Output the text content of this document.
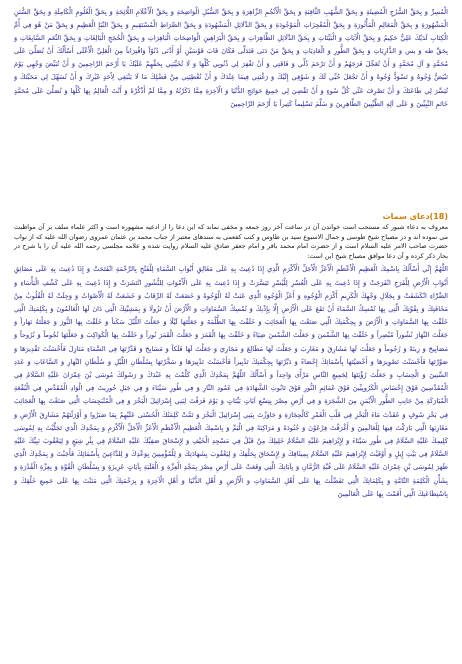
الْمُسِرِّ وَ بِحَقِّ السُّرُجِ الْمُضِيئَةِ وَ بِحَقِّ الشُّهُبِ الثَّاقِبَةِ وَ بِحَقِّ الْأَنْجُمِ الزَّاهِرَةِ وَ بِحَقِّ السُّبُلِ الْوَاضِحَةِ وَ بِحَقِّ الْأَعْلَامِ اللَّائِحَةِ وَ بِحَقِّ الْعُلُومِ الْكَامِلَةِ وَ بِحَقِّ السُّنَنِ الْمَشْهُورَةِ وَ بِحَقِّ الْمَعَالِمِ الْمَأْثُورَةِ وَ بِحَقِّ الْمُعْجِزَاتِ الْمَوْجُودَةِ وَ بِحَقِّ الدَّلَائِلِ الْمَشْهُودَةِ وَ بِحَقِّ الصِّرَاطِ الْمُسْتَقِيمِ وَ بِحَقِّ النَّبَإِ الْعَظِيمِ وَ بِحَقِّ مَنْ هُوَ فِي أُمِّ الْكِتَابِ لَدَيْكَ عَلِيٌّ حَكِيمٌ وَ بِحَقِّ الْآيَاتِ وَ الْبَيِّنَاتِ وَ بِحَقِّ الدَّلَائِلِ الظَّاهِرَاتِ وَ بِحَقِّ الْبَرَاهِينِ الْوَاضِحَاتِ الْبَاهِرَاتِ وَ بِحَقِّ الْحُجَجِ الْبَالِغَاتِ وَ بِحَقِّ النِّعَمِ السَّابِغَاتِ وَ بِحَقِّ طه وَ يس وَ الذَّارِيَاتِ وَ بِحَقِّ الطُّورِ وَ الْعَادِيَاتِ وَ بِحَقِّ مَنْ دَنَى فَتَدَلَّى فَكَانَ قَابَ قَوْسَيْنِ أَوْ أَدْنَى دُنُوّاً وَاقْتِرَاباً مِنَ الْعَلِيِّ الْأَعْلَى أَسْأَلُكَ أَنْ تُصَلِّيَ عَلَى مُحَمَّدٍ وَ آلِ مُحَمَّدٍ وَ أَنْ تُعَجِّلَ فَرَجَهُمْ وَ أَنْ تَرْحَمَ ذُلِّي وَ فَاقَتِي وَ أَنْ تَغْفِرَ لِي ذُنُوبِي كُلَّهَا وَ لَا تُخَيِّبَنِي بِحَقِّهِمْ عَلَيْكَ يَا أَرْحَمَ الرَّاحِمِينَ وَ أَنْ تُبَيِّضَ وَجْهِي يَوْمَ تَبْيَضُّ وُجُوهٌ وَ تَسْوَدُّ وُجُوهٌ وَ أَنْ تَجْعَلَ حُبِّي لَكَ وَ شَوْقِي إِلَيْكَ وَ رَغْبَتِي فِيمَا عِنْدَكَ وَ أَنْ تُعْطِيَنِي مِنْ فَضْلِكَ مَا لَا يَنْبَغِي لِأَحَدٍ غَيْرِكَ وَ أَنْ تُسَهِّلَ لِي مَحَبَّتَكَ وَ تُيَسِّرَ لِي طَاعَتَكَ وَ أَنْ تَصْرِفَ عَنِّي كُلَّ سُوءٍ وَ أَنْ تَقْضِيَ لِي جَمِيعَ حَوَائِجِ الدُّنْيَا وَ الْآخِرَةِ مِمَّا ذَكَرْتُهُ وَ مِمَّا لَمْ أَذْكُرْهُ وَ أَنْتَ الْعَالِمُ بِهَا كُلِّهَا وَ تُصَلِّيَ عَلَى مُحَمَّدٍ خَاتَمِ النَّبِيِّينَ وَ عَلَى آلِهِ الطَّيِّبِينَ الطَّاهِرِينَ وَ سَلَّمَ تَسْلِيماً كَثِيراً يَا أَرْحَمَ الرَّاحِمِينَ

(18)دعای سمات

معروف به دعاء شبور که مستحب است خواندن آن در ساعت آخر روز جمعه و مخفی نماند که این دعا را از ادعیه مشهوره است و اکثر علماء سلف بر آن مواظبت می نموده اند و در مصباح شیخ طوسی و جمال الاسبوع سید بن طاوس و کتب کفعمی به سندهای معتبر از جناب محمد بن عثمان عمروی رضوان الله علیه که از نواب حضرت صاحب الامر علیه السلام است و از حضرت امام محمد باقر و امام جعفر صادق علیه السلام روایت شده و علامه مجلسی رحمه الله علیه آن را با شرح در بحار ذکر کرده و آن دعا موافق مصباح شیخ این است:

اللَّهُمَّ إِنِّي أَسْأَلُكَ بِاسْمِكَ الْعَظِيمِ الْأَعْظَمِ الْأَعَزِّ الْأَجَلِّ الْأَكْرَمِ الَّذِي إِذَا دُعِيتَ بِهِ عَلَى مَغَالِقِ أَبْوَابِ السَّمَاءِ لِلْفَتْحِ بِالرَّحْمَةِ انْفَتَحَتْ وَ إِذَا دُعِيتَ بِهِ عَلَى مَضَائِقِ أَبْوَابِ الْأَرْضِ لِلْفَرَجِ انْفَرَجَتْ وَ إِذَا دُعِيتَ بِهِ عَلَى الْعُسْرِ لِلْيُسْرِ تَيَسَّرَتْ وَ إِذَا دُعِيتَ بِهِ عَلَى الْأَمْوَاتِ لِلنُّشُورِ انْتَشَرَتْ وَ إِذَا دُعِيتَ بِهِ عَلَى كَشْفِ الْبَأْسَاءِ وَ الضَّرَّاءِ انْكَشَفَتْ وَ بِجَلَالِ وَجْهِكَ الْكَرِيمِ أَكْرَمِ الْوُجُوهِ وَ أَعَزِّ الْوُجُوهِ الَّذِي عَنَتْ لَهُ الْوُجُوهُ وَ خَضَعَتْ لَهُ الرِّقَابُ وَ خَشَعَتْ لَهُ الْأَصْوَاتُ وَ وَجِلَتْ لَهُ الْقُلُوبُ مِنْ مَخَافَتِكَ وَ بِقُوَّتِكَ الَّتِي بِهَا تُمْسِكُ السَّمَاءَ أَنْ تَقَعَ عَلَى الْأَرْضِ إِلَّا بِإِذْنِكَ وَ تُمْسِكُ السَّمَاوَاتِ وَ الْأَرْضَ أَنْ تَزُولَا وَ بِمَشِيَّتِكَ الَّتِي دَانَ لَهَا الْعَالَمُونَ وَ بِكَلِمَتِكَ الَّتِي خَلَقْتَ بِهَا السَّمَاوَاتِ وَ الْأَرْضَ وَ بِحِكْمَتِكَ الَّتِي صَنَعْتَ بِهَا الْعَجَائِبَ وَ خَلَقْتَ بِهَا الظُّلْمَةَ وَ جَعَلْتَهَا لَيْلًا وَ جَعَلْتَ اللَّيْلَ سَكَناً وَ خَلَقْتَ بِهَا النُّورَ وَ جَعَلْتَهُ نَهَاراً وَ جَعَلْتَ النَّهَارَ نُشُوراً مُبْصِراً وَ خَلَقْتَ بِهَا الشَّمْسَ وَ جَعَلْتَ الشَّمْسَ ضِيَاءً وَ خَلَقْتَ بِهَا الْقَمَرَ وَ جَعَلْتَ الْقَمَرَ نُوراً وَ خَلَقْتَ بِهَا الْكَوَاكِبَ وَ جَعَلْتَهَا نُجُوماً وَ بُرُوجاً وَ مَصَابِيحَ وَ زِينَةً وَ رُجُوماً وَ جَعَلْتَ لَهَا مَشَارِقَ وَ مَغَارِبَ وَ جَعَلْتَ لَهَا مَطَالِعَ وَ مَجَارِيَ وَ جَعَلْتَ لَهَا فَلَكاً وَ مَسَابِحَ وَ قَدَّرْتَهَا فِي السَّمَاءِ مَنَازِلَ فَأَحْسَنْتَ تَقْدِيرَهَا وَ صَوَّرْتَهَا فَأَحْسَنْتَ تَصْوِيرَهَا وَ أَحْصَيْتَهَا بِأَسْمَائِكَ إِحْصَاءً وَ دَبَّرْتَهَا بِحِكْمَتِكَ تَدْبِيراً فَأَحْسَنْتَ تَدْبِيرَهَا وَ سَخَّرْتَهَا بِسُلْطَانِ اللَّيْلِ وَ سُلْطَانِ النَّهَارِ وَ السَّاعَاتِ وَ عَدَدِ السِّنِينَ وَ الْحِسَابِ وَ جَعَلْتَ رُؤْيَتَهَا لِجَمِيعِ النَّاسِ مَرْأًى وَاحِداً وَ أَسْأَلُكَ اللَّهُمَّ بِمَجْدِكَ الَّذِي كَلَّمْتَ بِهِ عَبْدَكَ وَ رَسُولَكَ مُوسَى بْنَ عِمْرَانَ عَلَيْهِ السَّلَامُ فِي الْمُقَدَّسِينَ فَوْقَ إِحْسَاسِ الْكَرُوبِيِّينَ فَوْقَ غَمَائِمِ النُّورِ فَوْقَ تَابُوتِ الشَّهَادَةِ فِي عَمُودِ النَّارِ وَ فِي طُورِ سَيْنَاءَ وَ فِي جَبَلِ حُورِيثَ فِي الْوَادِ الْمُقَدَّسِ فِي الْبُقْعَةِ الْمُبَارَكَةِ مِنْ جَانِبِ الطُّورِ الْأَيْمَنِ مِنَ الشَّجَرَةِ وَ فِي أَرْضِ مِصْرَ بِتِسْعِ آيَاتٍ بَيِّنَاتٍ وَ يَوْمَ فَرَقْتَ لِبَنِي إِسْرَائِيلَ الْبَحْرَ وَ فِي الْمُنْبَجِسَاتِ الَّتِي صَنَعْتَ بِهَا الْعَجَائِبَ فِي بَحْرِ سُوفٍ وَ عَقَدْتَ مَاءَ الْبَحْرِ فِي قَلْبِ الْغَمْرِ كَالْحِجَارَةِ وَ جَاوَزْتَ بِبَنِي إِسْرَائِيلَ الْبَحْرَ وَ تَمَّتْ كَلِمَتُكَ الْحُسْنَى عَلَيْهِمْ بِمَا صَبَرُوا وَ أَوْرَثْتَهُمْ مَشَارِقَ الْأَرْضِ وَ مَغَارِبَهَا الَّتِي بَارَكْتَ فِيهَا لِلْعَالَمِينَ وَ أَغْرَقْتَ فِرْعَوْنَ وَ جُنُودَهُ وَ مَرَاكِبَهُ فِي الْيَمِّ وَ بِاسْمِكَ الْعَظِيمِ الْأَعْظَمِ الْأَعَزِّ الْأَجَلِّ الْأَكْرَمِ وَ بِمَجْدِكَ الَّذِي تَجَلَّيْتَ بِهِ لِمُوسَى كَلِيمِكَ عَلَيْهِ السَّلَامُ فِي طُورِ سَيْنَاءَ وَ لِإِبْرَاهِيمَ عَلَيْهِ السَّلَامُ خَلِيلِكَ مِنْ قَبْلُ فِي مَسْجِدِ الْخَيْفِ وَ لِإِسْحَاقَ صَفِيِّكَ عَلَيْهِ السَّلَامُ فِي بِئْرِ شِيَعٍ وَ لِيَعْقُوبَ نَبِيِّكَ عَلَيْهِ السَّلَامُ فِي بَيْتِ إِيلٍ وَ أَوْفَيْتَ لِإِبْرَاهِيمَ عَلَيْهِ السَّلَامُ بِمِيثَاقِكَ وَ لِإِسْحَاقَ بِحَلْفِكَ وَ لِيَعْقُوبَ بِشَهَادَتِكَ وَ لِلْمُؤْمِنِينَ بِوَعْدِكَ وَ لِلدَّاعِينَ بِأَسْمَائِكَ فَأَجَبْتَ وَ بِمَجْدِكَ الَّذِي ظَهَرَ لِمُوسَى بْنِ عِمْرَانَ عَلَيْهِ السَّلَامُ عَلَى قُبَّةِ الرُّمَّانِ وَ بِآيَاتِكَ الَّتِي وَقَعَتْ عَلَى أَرْضِ مِصْرَ بِمَجْدِ الْعِزَّةِ وَ الْغَلَبَةِ بِآيَاتٍ عَزِيزَةٍ وَ بِسُلْطَانِ الْقُوَّةِ وَ بِعِزَّةِ الْقُدْرَةِ وَ بِشَأْنِ الْكَلِمَةِ التَّامَّةِ وَ بِكَلِمَاتِكَ الَّتِي تَفَضَّلْتَ بِهَا عَلَى أَهْلِ السَّمَاوَاتِ وَ الْأَرْضِ وَ أَهْلِ الدُّنْيَا وَ أَهْلِ الْآخِرَةِ وَ بِرَحْمَتِكَ الَّتِي مَنَنْتَ بِهَا عَلَى جَمِيعِ خَلْقِكَ وَ بِاسْتِطَاعَتِكَ الَّتِي أَقَمْتَ بِهَا عَلَى الْعَالَمِينَ
